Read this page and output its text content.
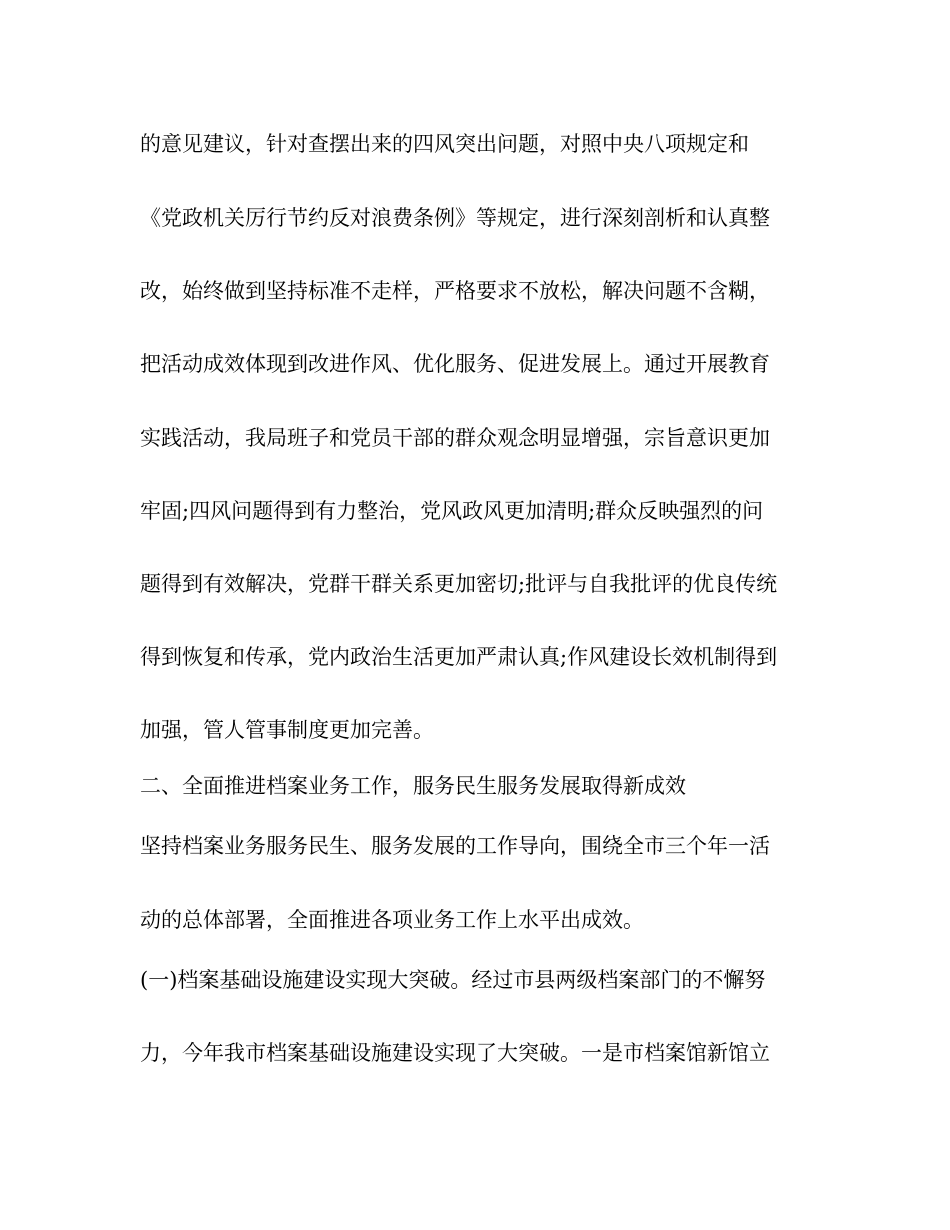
的意见建议，针对查摆出来的四风突出问题，对照中央八项规定和
《党政机关厉行节约反对浪费条例》等规定，进行深刻剖析和认真整
改，始终做到坚持标准不走样，严格要求不放松，解决问题不含糊，
把活动成效体现到改进作风、优化服务、促进发展上。通过开展教育
实践活动，我局班子和党员干部的群众观念明显增强，宗旨意识更加
牢固;四风问题得到有力整治，党风政风更加清明;群众反映强烈的问
题得到有效解决，党群干群关系更加密切;批评与自我批评的优良传统
得到恢复和传承，党内政治生活更加严肃认真;作风建设长效机制得到
加强，管人管事制度更加完善。
二、全面推进档案业务工作，服务民生服务发展取得新成效
坚持档案业务服务民生、服务发展的工作导向，围绕全市三个年一活
动的总体部署，全面推进各项业务工作上水平出成效。
(一)档案基础设施建设实现大突破。经过市县两级档案部门的不懈努
力，今年我市档案基础设施建设实现了大突破。一是市档案馆新馆立
